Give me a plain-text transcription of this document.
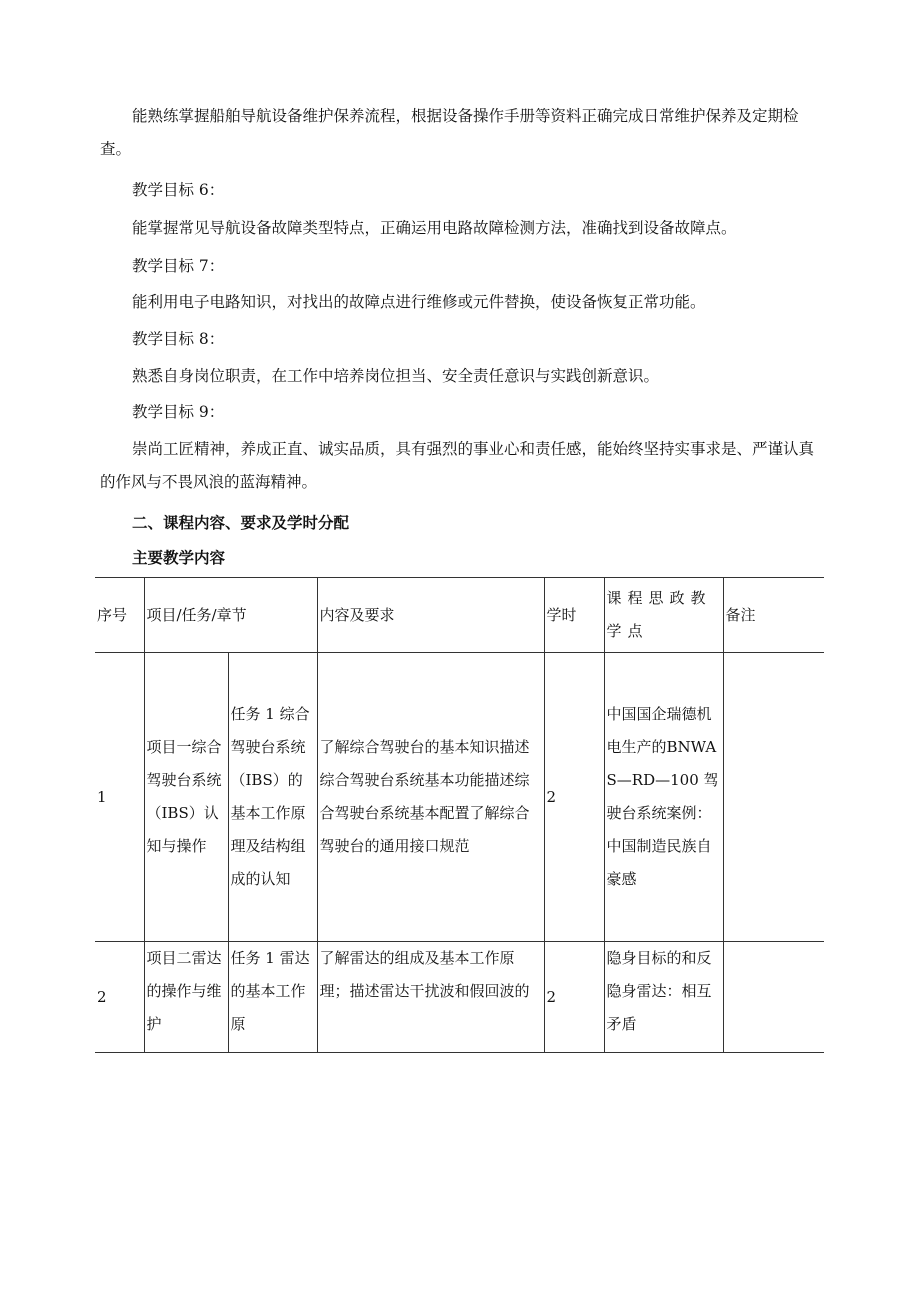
能熟练掌握船舶导航设备维护保养流程，根据设备操作手册等资料正确完成日常维护保养及定期检查。

教学目标 6：

能掌握常见导航设备故障类型特点，正确运用电路故障检测方法，准确找到设备故障点。

教学目标 7：

能利用电子电路知识，对找出的故障点进行维修或元件替换，使设备恢复正常功能。

教学目标 8：

熟悉自身岗位职责，在工作中培养岗位担当、安全责任意识与实践创新意识。

教学目标 9：

崇尚工匠精神，养成正直、诚实品质，具有强烈的事业心和责任感，能始终坚持实事求是、严谨认真的作风与不畏风浪的蓝海精神。

二、课程内容、要求及学时分配

主要教学内容

序号	项目/任务/章节		内容及要求	学时	课程思政教学点	备注
1	项目一综合驾驶台系统（IBS）认知与操作	任务 1 综合驾驶台系统（IBS）的基本工作原理及结构组成的认知	了解综合驾驶台的基本知识描述综合驾驶台系统基本功能描述综合驾驶台系统基本配置了解综合驾驶台的通用接口规范	2	中国国企瑞德机电生产的BNWAS—RD—100 驾驶台系统案例：中国制造民族自豪感	
2	项目二雷达的操作与维护	任务 1 雷达的基本工作原	了解雷达的组成及基本工作原理；描述雷达干扰波和假回波的	2	隐身目标的和反隐身雷达：相互矛盾	
